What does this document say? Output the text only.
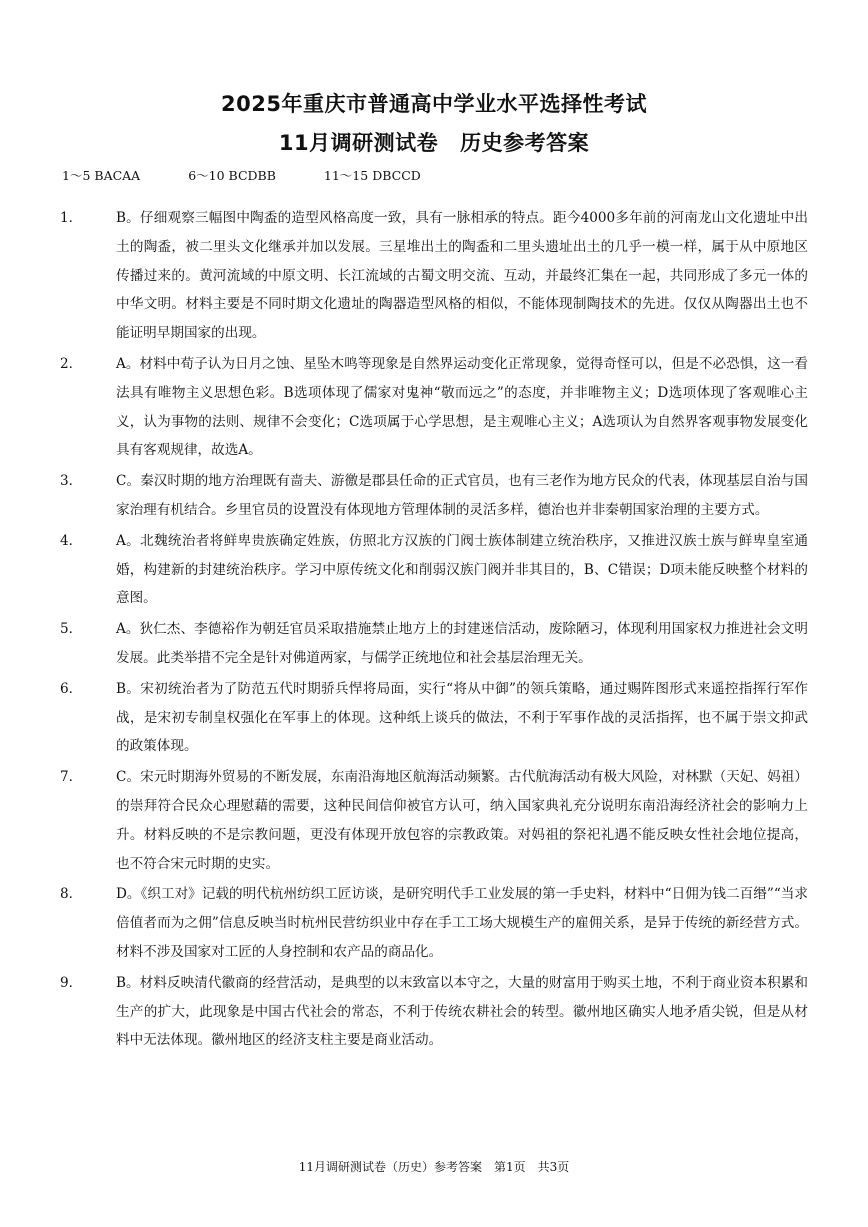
2025年重庆市普通高中学业水平选择性考试
11月调研测试卷 历史参考答案
1～5 BACAA	6～10 BCDBB	11～15 DBCCD
1．	B。仔细观察三幅图中陶盉的造型风格高度一致，具有一脉相承的特点。距今4000多年前的河南龙山文化遗址中出土的陶盉，被二里头文化继承并加以发展。三星堆出土的陶盉和二里头遗址出土的几乎一模一样，属于从中原地区传播过来的。黄河流域的中原文明、长江流域的古蜀文明交流、互动，并最终汇集在一起，共同形成了多元一体的中华文明。材料主要是不同时期文化遗址的陶器造型风格的相似，不能体现制陶技术的先进。仅仅从陶器出土也不能证明早期国家的出现。
2．	A。材料中荀子认为日月之蚀、星坠木鸣等现象是自然界运动变化正常现象，觉得奇怪可以，但是不必恐惧，这一看法具有唯物主义思想色彩。B选项体现了儒家对鬼神“敬而远之”的态度，并非唯物主义；D选项体现了客观唯心主义，认为事物的法则、规律不会变化；C选项属于心学思想，是主观唯心主义；A选项认为自然界客观事物发展变化具有客观规律，故选A。
3．	C。秦汉时期的地方治理既有啬夫、游徼是郡县任命的正式官员，也有三老作为地方民众的代表，体现基层自治与国家治理有机结合。乡里官员的设置没有体现地方管理体制的灵活多样，德治也并非秦朝国家治理的主要方式。
4．	A。北魏统治者将鲜卑贵族确定姓族，仿照北方汉族的门阀士族体制建立统治秩序，又推进汉族士族与鲜卑皇室通婚，构建新的封建统治秩序。学习中原传统文化和削弱汉族门阀并非其目的，B、C错误；D项未能反映整个材料的意图。
5．	A。狄仁杰、李德裕作为朝廷官员采取措施禁止地方上的封建迷信活动，废除陋习，体现利用国家权力推进社会文明发展。此类举措不完全是针对佛道两家，与儒学正统地位和社会基层治理无关。
6．	B。宋初统治者为了防范五代时期骄兵悍将局面，实行“将从中御”的领兵策略，通过赐阵图形式来遥控指挥行军作战，是宋初专制皇权强化在军事上的体现。这种纸上谈兵的做法，不利于军事作战的灵活指挥，也不属于崇文抑武的政策体现。
7．	C。宋元时期海外贸易的不断发展，东南沿海地区航海活动频繁。古代航海活动有极大风险，对林默（天妃、妈祖）的崇拜符合民众心理慰藉的需要，这种民间信仰被官方认可，纳入国家典礼充分说明东南沿海经济社会的影响力上升。材料反映的不是宗教问题，更没有体现开放包容的宗教政策。对妈祖的祭祀礼遇不能反映女性社会地位提高，也不符合宋元时期的史实。
8．	D。《织工对》记载的明代杭州纺织工匠访谈，是研究明代手工业发展的第一手史料，材料中“日佣为钱二百缗”“当求倍值者而为之佣”信息反映当时杭州民营纺织业中存在手工工场大规模生产的雇佣关系，是异于传统的新经营方式。材料不涉及国家对工匠的人身控制和农产品的商品化。
9．	B。材料反映清代徽商的经营活动，是典型的以末致富以本守之，大量的财富用于购买土地，不利于商业资本积累和生产的扩大，此现象是中国古代社会的常态，不利于传统农耕社会的转型。徽州地区确实人地矛盾尖锐，但是从材料中无法体现。徽州地区的经济支柱主要是商业活动。
11月调研测试卷（历史）参考答案　第1页　共3页
